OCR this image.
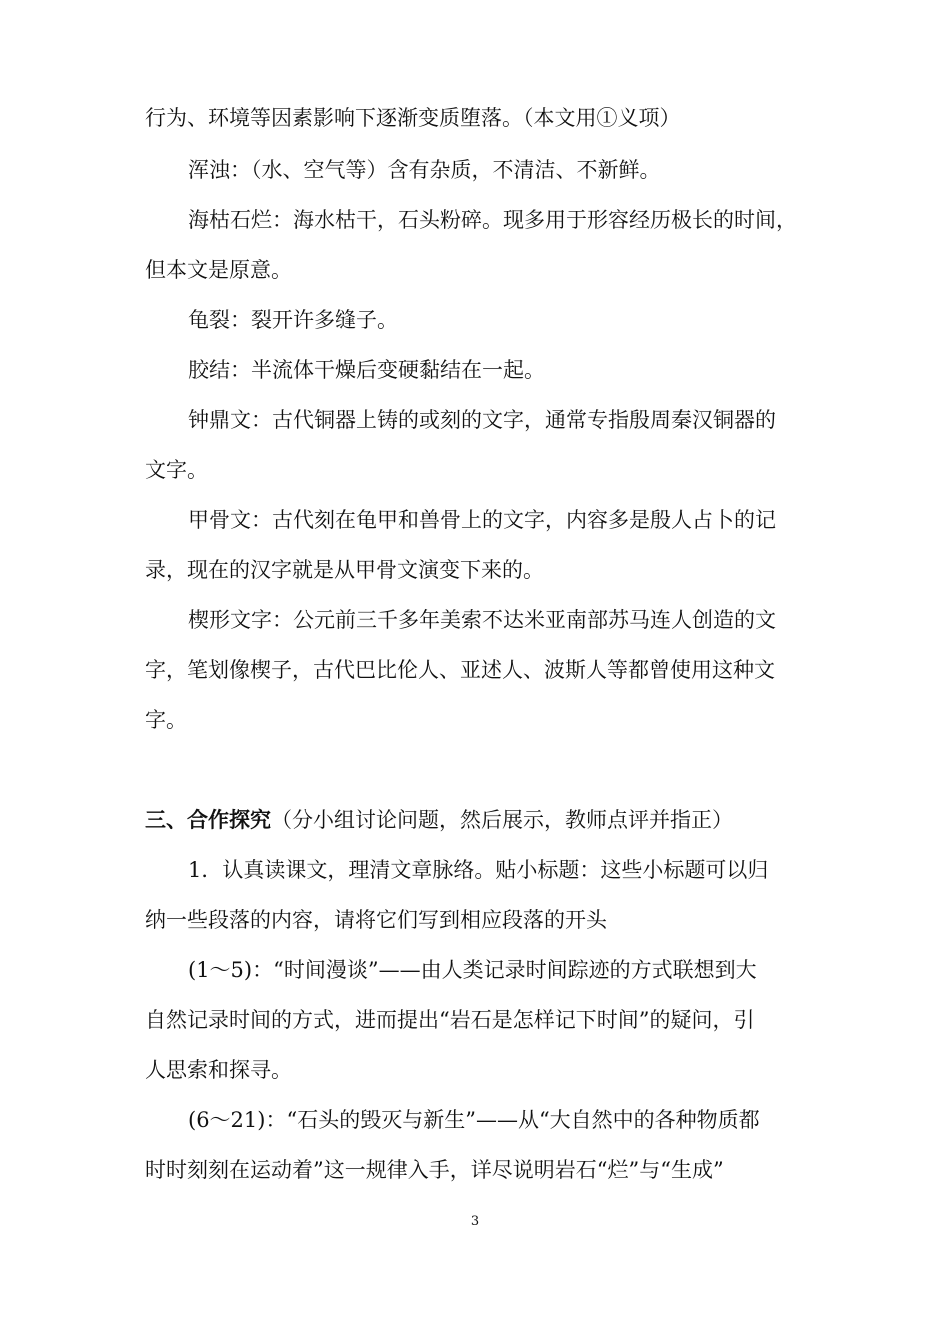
行为、环境等因素影响下逐渐变质堕落。（本文用①义项）
浑浊：（水、空气等）含有杂质，不清洁、不新鲜。
海枯石烂：海水枯干，石头粉碎。现多用于形容经历极长的时间，
但本文是原意。
龟裂：裂开许多缝子。
胶结：半流体干燥后变硬黏结在一起。
钟鼎文：古代铜器上铸的或刻的文字，通常专指殷周秦汉铜器的
文字。
甲骨文：古代刻在龟甲和兽骨上的文字，内容多是殷人占卜的记
录，现在的汉字就是从甲骨文演变下来的。
楔形文字：公元前三千多年美索不达米亚南部苏马连人创造的文
字，笔划像楔子，古代巴比伦人、亚述人、波斯人等都曾使用这种文
字。
三、合作探究（分小组讨论问题，然后展示，教师点评并指正）
1．认真读课文，理清文章脉络。贴小标题：这些小标题可以归
纳一些段落的内容，请将它们写到相应段落的开头
(1～5)：“时间漫谈”——由人类记录时间踪迹的方式联想到大
自然记录时间的方式，进而提出“岩石是怎样记下时间”的疑问，引
人思索和探寻。
(6～21)：“石头的毁灭与新生”——从“大自然中的各种物质都
时时刻刻在运动着”这一规律入手，详尽说明岩石“烂”与“生成”
3
